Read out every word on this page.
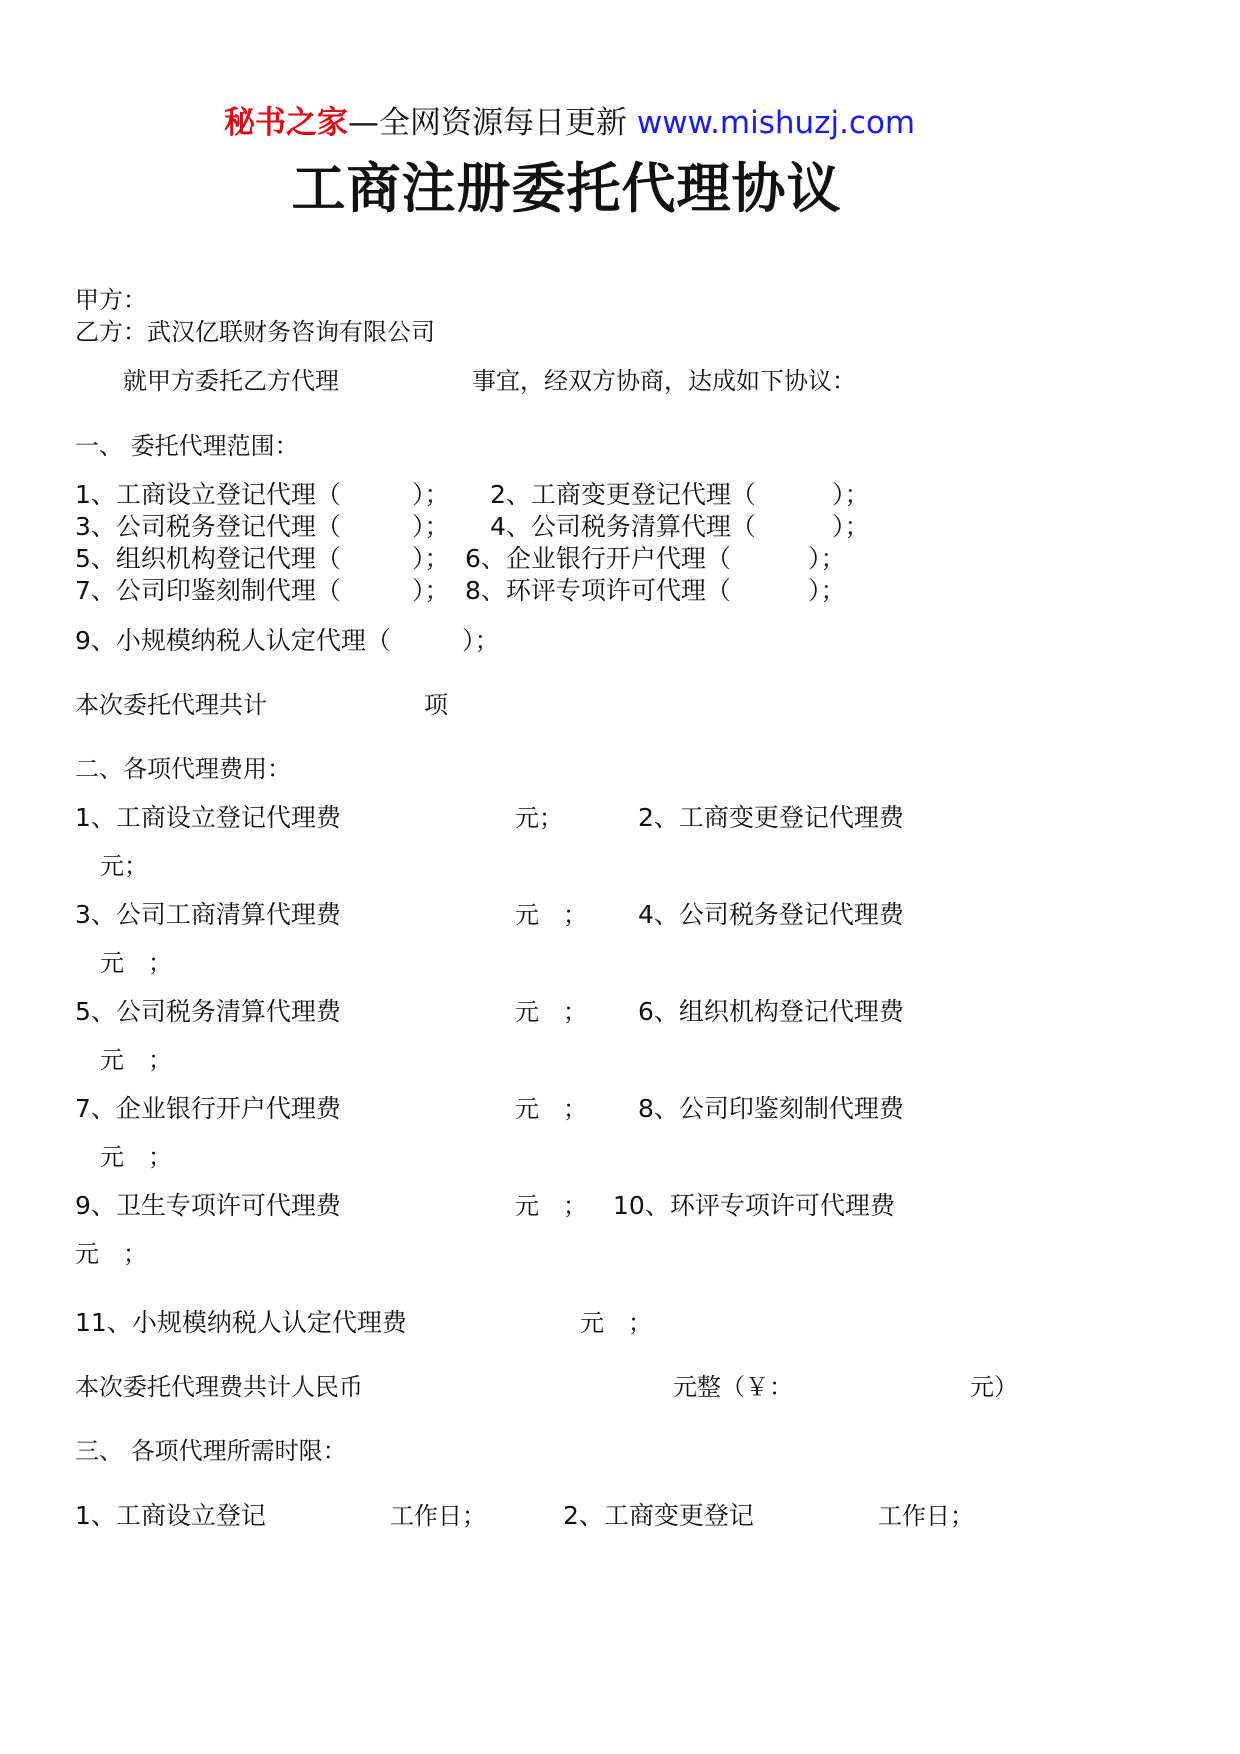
秘书之家—全网资源每日更新 www.mishuzj.com
工商注册委托代理协议
甲方：
乙方：武汉亿联财务咨询有限公司
就甲方委托乙方代理	事宜，经双方协商，达成如下协议：
一、 委托代理范围：
1、工商设立登记代理（	）； 2、工商变更登记代理（	）；
3、公司税务登记代理（	）； 4、公司税务清算代理（	）；
5、组织机构登记代理（	）； 6、企业银行开户代理（	）；
7、公司印鉴刻制代理（	）； 8、环评专项许可代理（	）；
9、小规模纳税人认定代理（	）；
本次委托代理共计	项
二、各项代理费用：
1、工商设立登记代理费	元；	2、工商变更登记代理费
元；
3、公司工商清算代理费	元　； 4、公司税务登记代理费
元　；
5、公司税务清算代理费	元　； 6、组织机构登记代理费
元　；
7、企业银行开户代理费	元　； 8、公司印鉴刻制代理费
元　；
9、卫生专项许可代理费	元　； 10、环评专项许可代理费
元　；
11、小规模纳税人认定代理费	元　；
本次委托代理费共计人民币	元整（￥：	元）
三、 各项代理所需时限：
1、工商设立登记	工作日；	2、工商变更登记	工作日；
